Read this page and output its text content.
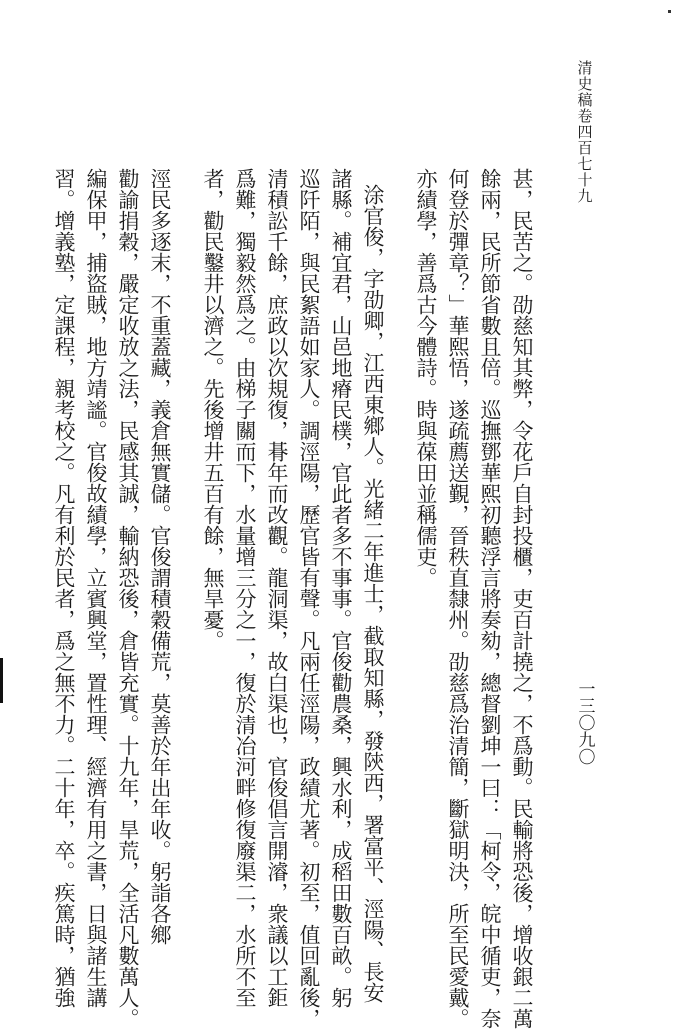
清史稿卷四百七十九
一三〇九〇
甚，民苦之。劭慈知其弊，令花戶自封投櫃，吏百計撓之，不爲動。民輸將恐後，增收銀二萬
餘兩，民所節省數且倍。巡撫鄧華熙初聽浮言將奏劾，總督劉坤一曰：「柯令，皖中循吏，奈
何登於彈章？」華熙悟，遂疏薦送覲，晉秩直隸州。劭慈爲治清簡，斷獄明決，所至民愛戴。
亦績學，善爲古今體詩。時與葆田並稱儒吏。
涂官俊，字劭卿，江西東鄉人。光緒二年進士，截取知縣，發陝西，署富平、涇陽、長安
諸縣。補宜君，山邑地瘠民樸，官此者多不事事。官俊勸農桑，興水利，成稻田數百畝。躬
巡阡陌，與民絮語如家人。調涇陽，歷官皆有聲。凡兩任涇陽，政績尤著。初至，值回亂後，
清積訟千餘，庶政以次規復，朞年而改觀。龍洞渠，故白渠也，官俊倡言開濬，衆議以工鉅
爲難，獨毅然爲之。由梯子關而下，水量增三分之一，復於清冶河畔修復廢渠二，水所不至
者，勸民鑿井以濟之。先後增井五百有餘，無旱憂。
涇民多逐末，不重蓋藏，義倉無實儲。官俊謂積穀備荒，莫善於年出年收。躬詣各鄉
勸諭捐穀，嚴定收放之法，民感其誠，輸納恐後，倉皆充實。十九年，旱荒，全活凡數萬人。
編保甲，捕盜賊，地方靖謐。官俊故績學，立賓興堂，置性理、經濟有用之書，日與諸生講
習。增義塾，定課程，親考校之。凡有利於民者，爲之無不力。二十年，卒。疾篤時，猶強
